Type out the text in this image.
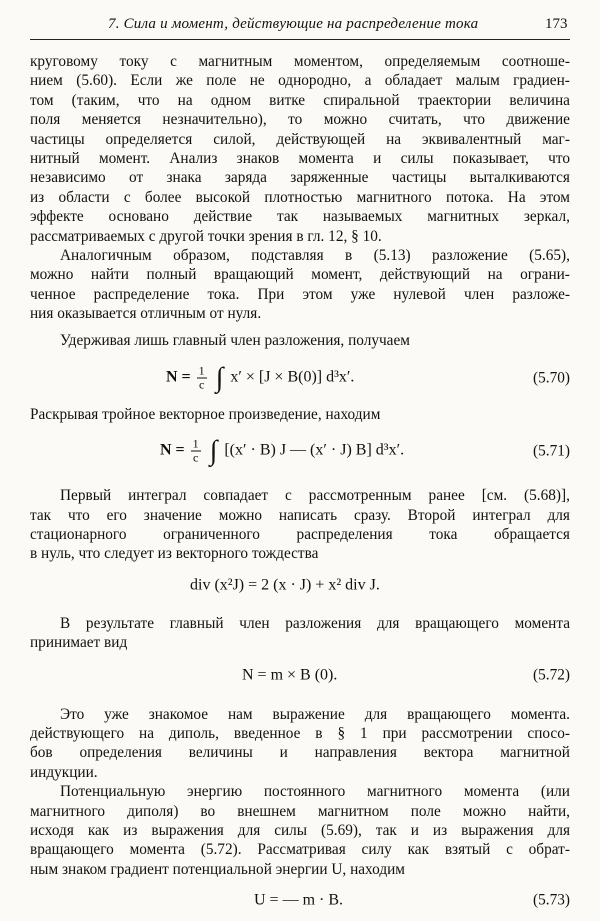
7. Сила и момент, действующие на распределение тока	173
круговому току с магнитным моментом, определяемым соотноше-
нием (5.60). Если же поле не однородно, а обладает малым градиен-
том (таким, что на одном витке спиральной траектории величина
поля меняется незначительно), то можно считать, что движение
частицы определяется силой, действующей на эквивалентный маг-
нитный момент. Анализ знаков момента и силы показывает, что
независимо от знака заряда заряженные частицы выталкиваются
из области с более высокой плотностью магнитного потока. На этом
эффекте основано действие так называемых магнитных зеркал,
рассматриваемых с другой точки зрения в гл. 12, § 10.
Аналогичным образом, подставляя в (5.13) разложение (5.65),
можно найти полный вращающий момент, действующий на ограни-
ченное распределение тока. При этом уже нулевой член разложе-
ния оказывается отличным от нуля.
Удерживая лишь главный член разложения, получаем
$N = \frac{1}{c}$ ∫ x′ × [J × B(0)] d³x′.	(5.70)
Раскрывая тройное векторное произведение, находим
$N = \frac{1}{c}$ ∫ [(x′ · B) J — (x′ · J) B] d³x′.	(5.71)
Первый интеграл совпадает с рассмотренным ранее [см. (5.68)],
так что его значение можно написать сразу. Второй интеграл для
стационарного ограниченного распределения тока обращается
в нуль, что следует из векторного тождества
div (x²J) = 2 (x · J) + x² div J.
В результате главный член разложения для вращающего момента
принимает вид
N = m × B (0).	(5.72)
Это уже знакомое нам выражение для вращающего момента.
действующего на диполь, введенное в § 1 при рассмотрении спосо-
бов определения величины и направления вектора магнитной
индукции.
Потенциальную энергию постоянного магнитного момента (или
магнитного диполя) во внешнем магнитном поле можно найти,
исходя как из выражения для силы (5.69), так и из выражения для
вращающего момента (5.72). Рассматривая силу как взятый с обрат-
ным знаком градиент потенциальной энергии U, находим
U = — m · B.	(5.73)
